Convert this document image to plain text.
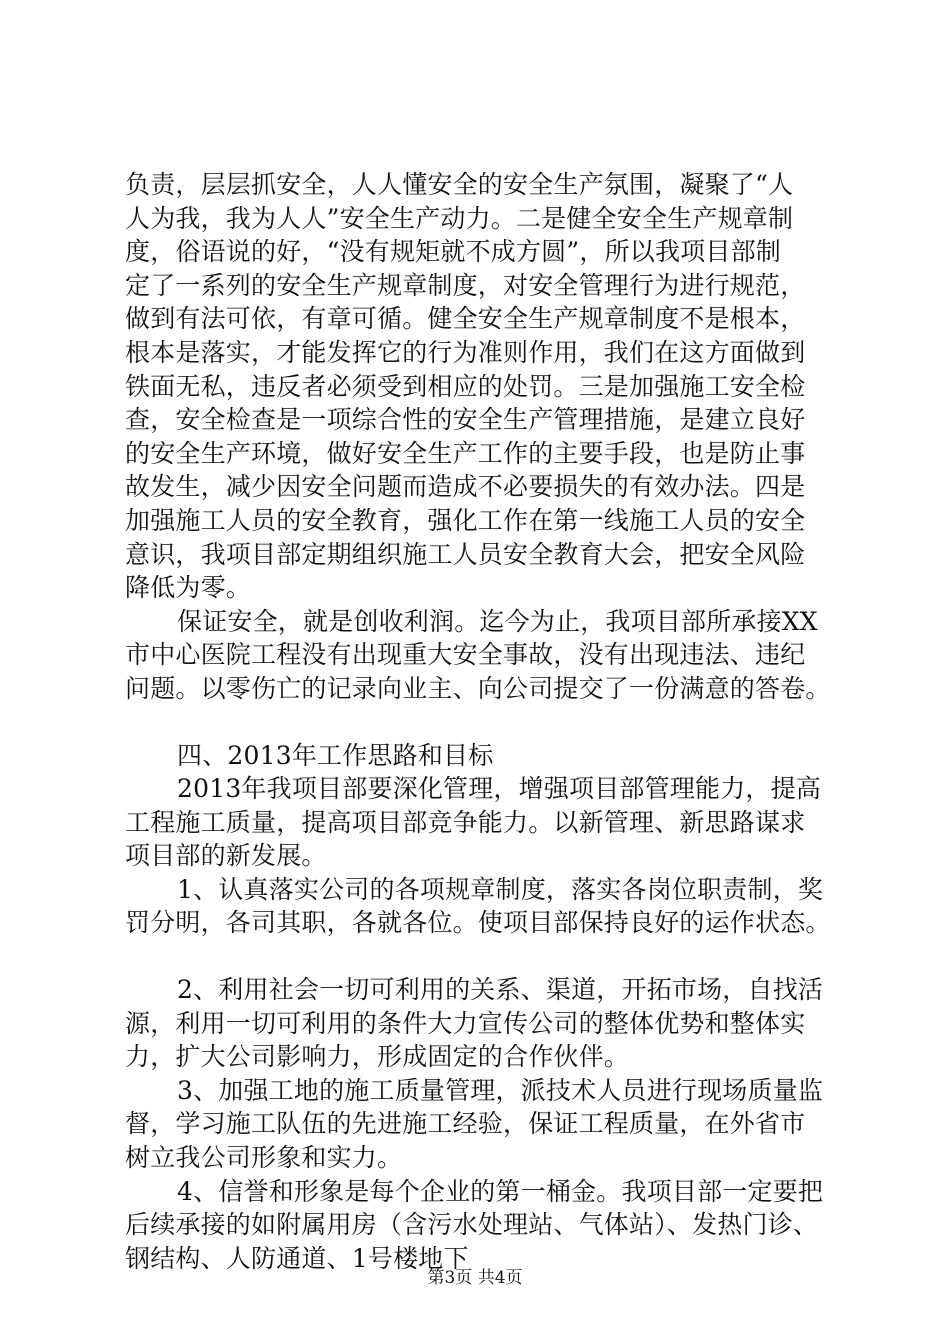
负责，层层抓安全，人人懂安全的安全生产氛围，凝聚了“人
人为我，我为人人”安全生产动力。二是健全安全生产规章制
度，俗语说的好，“没有规矩就不成方圆”，所以我项目部制
定了一系列的安全生产规章制度，对安全管理行为进行规范，
做到有法可依，有章可循。健全安全生产规章制度不是根本，
根本是落实，才能发挥它的行为准则作用，我们在这方面做到
铁面无私，违反者必须受到相应的处罚。三是加强施工安全检
查，安全检查是一项综合性的安全生产管理措施，是建立良好
的安全生产环境，做好安全生产工作的主要手段，也是防止事
故发生，减少因安全问题而造成不必要损失的有效办法。四是
加强施工人员的安全教育，强化工作在第一线施工人员的安全
意识，我项目部定期组织施工人员安全教育大会，把安全风险
降低为零。
保证安全，就是创收利润。迄今为止，我项目部所承接XX
市中心医院工程没有出现重大安全事故，没有出现违法、违纪
问题。以零伤亡的记录向业主、向公司提交了一份满意的答卷。
四、2013年工作思路和目标
2013年我项目部要深化管理，增强项目部管理能力，提高
工程施工质量，提高项目部竞争能力。以新管理、新思路谋求
项目部的新发展。
1、认真落实公司的各项规章制度，落实各岗位职责制，奖
罚分明，各司其职，各就各位。使项目部保持良好的运作状态。
2、利用社会一切可利用的关系、渠道，开拓市场，自找活
源，利用一切可利用的条件大力宣传公司的整体优势和整体实
力，扩大公司影响力，形成固定的合作伙伴。
3、加强工地的施工质量管理，派技术人员进行现场质量监
督，学习施工队伍的先进施工经验，保证工程质量，在外省市
树立我公司形象和实力。
4、信誉和形象是每个企业的第一桶金。我项目部一定要把
后续承接的如附属用房（含污水处理站、气体站）、发热门诊、
钢结构、人防通道、1号楼地下
第3页 共4页
